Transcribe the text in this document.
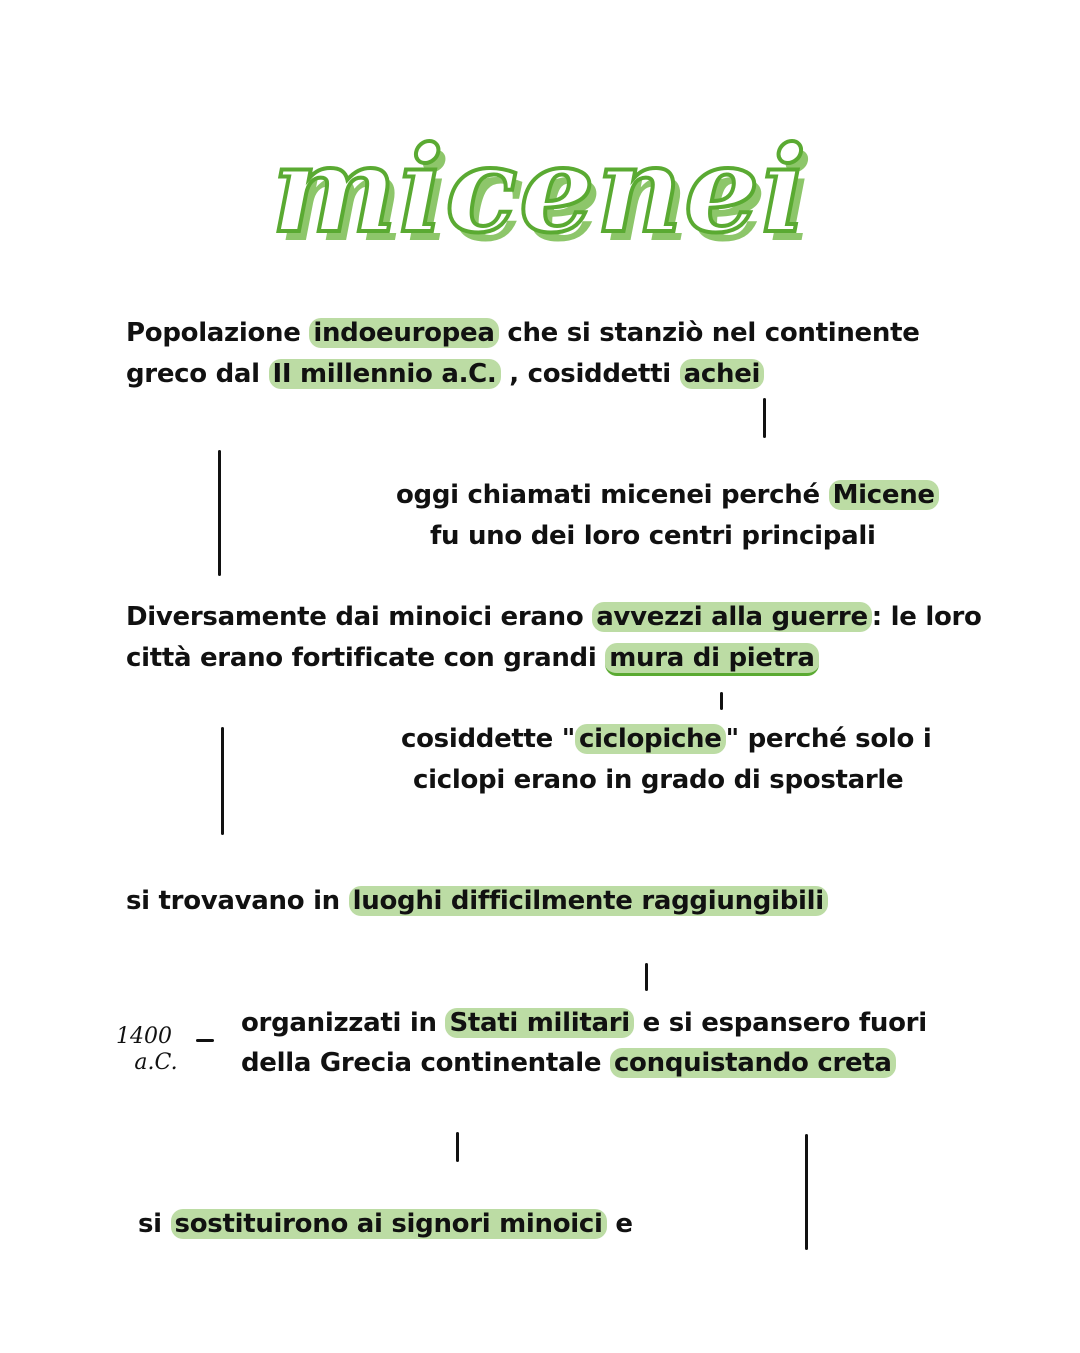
micenei
Popolazione indoeuropea che si stanziò nel continente
greco dal II millennio a.C. , cosiddetti achei
oggi chiamati micenei perché Micene
fu uno dei loro centri principali
Diversamente dai minoici erano avvezzi alla guerre : le loro
città erano fortificate con grandi mura di pietra
cosiddette " ciclopiche " perché solo i
ciclopi erano in grado di spostarle
si trovavano in luoghi difficilmente raggiungibili
1400
a.C.
organizzati in Stati militari e si espansero fuori
della Grecia continentale conquistando creta
si sostituirono ai signori minoici e
